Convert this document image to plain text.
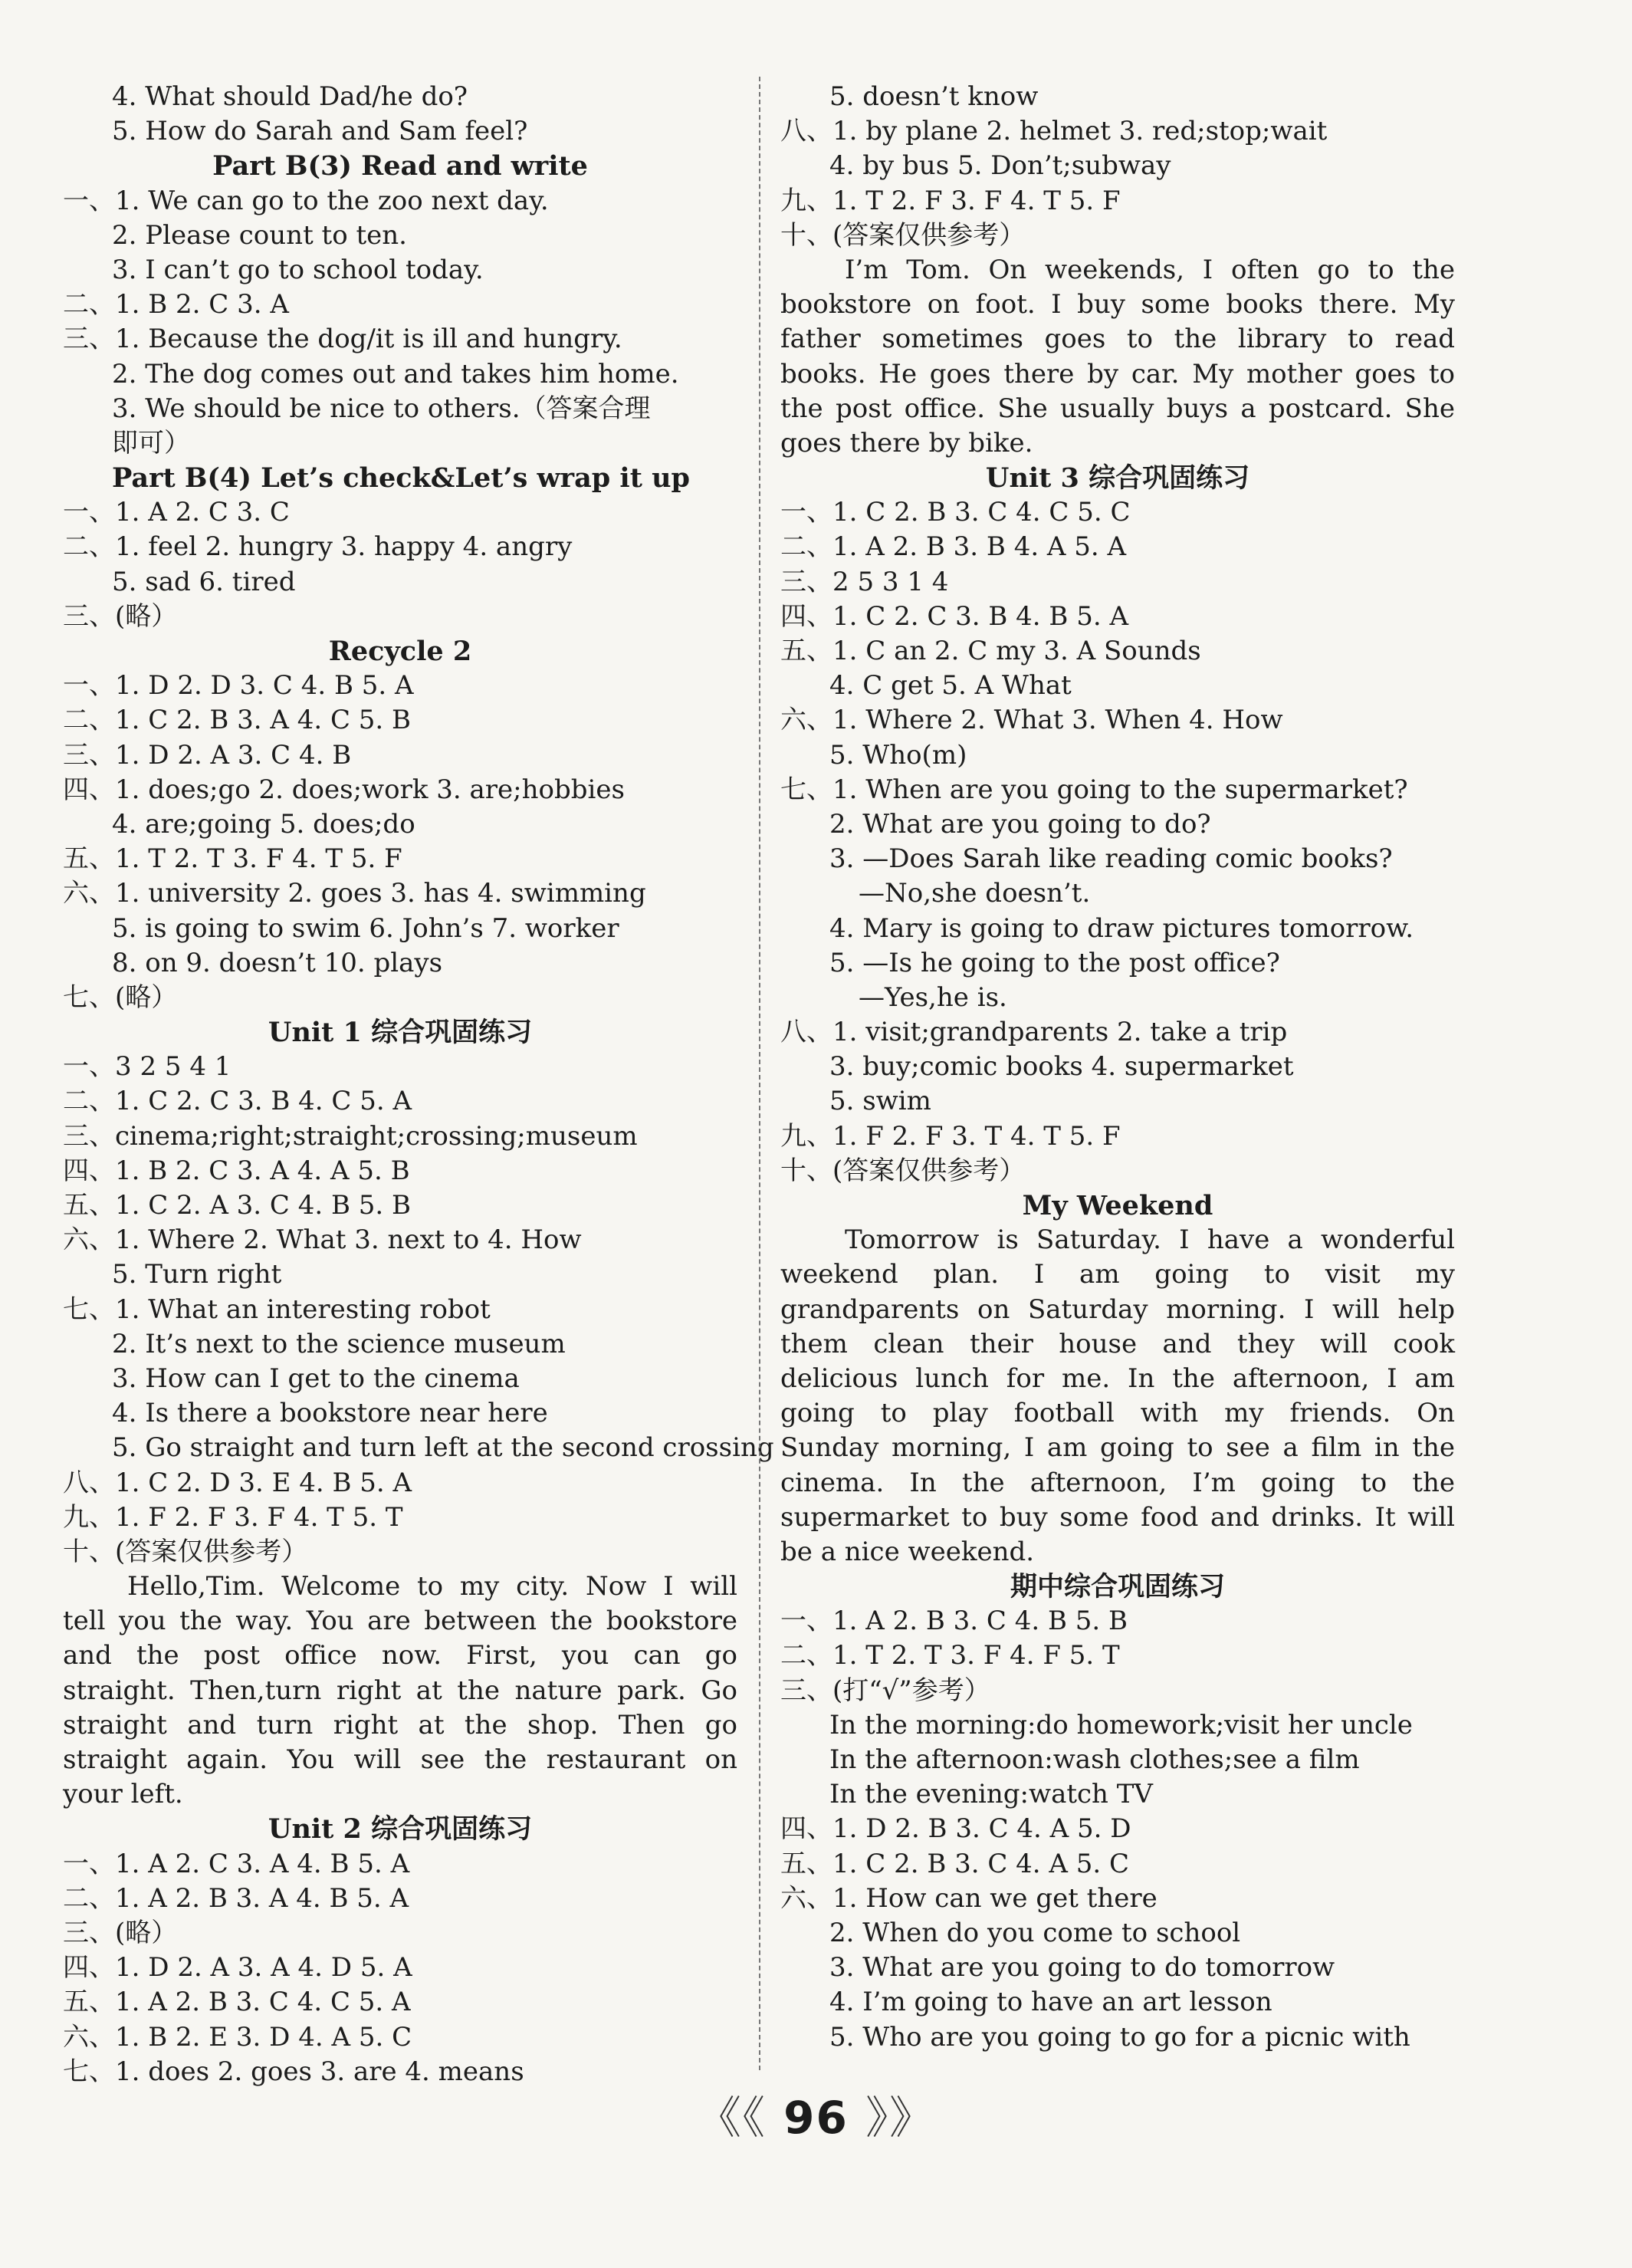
4. What should Dad/he do?
5. How do Sarah and Sam feel?
Part B(3) Read and write
一、1. We can go to the zoo next day.
2. Please count to ten.
3. I can’t go to school today.
二、1. B 2. C 3. A
三、1. Because the dog/it is ill and hungry.
2. The dog comes out and takes him home.
3. We should be nice to others.（答案合理
即可）
Part B(4) Let’s check&Let’s wrap it up
一、1. A 2. C 3. C
二、1. feel 2. hungry 3. happy 4. angry
5. sad 6. tired
三、(略）
Recycle 2
一、1. D 2. D 3. C 4. B 5. A
二、1. C 2. B 3. A 4. C 5. B
三、1. D 2. A 3. C 4. B
四、1. does;go 2. does;work 3. are;hobbies
4. are;going 5. does;do
五、1. T 2. T 3. F 4. T 5. F
六、1. university 2. goes 3. has 4. swimming
5. is going to swim 6. John’s 7. worker
8. on 9. doesn’t 10. plays
七、(略）
Unit 1 综合巩固练习
一、3 2 5 4 1
二、1. C 2. C 3. B 4. C 5. A
三、cinema;right;straight;crossing;museum
四、1. B 2. C 3. A 4. A 5. B
五、1. C 2. A 3. C 4. B 5. B
六、1. Where 2. What 3. next to 4. How
5. Turn right
七、1. What an interesting robot
2. It’s next to the science museum
3. How can I get to the cinema
4. Is there a bookstore near here
5. Go straight and turn left at the second crossing
八、1. C 2. D 3. E 4. B 5. A
九、1. F 2. F 3. F 4. T 5. T
十、(答案仅供参考）
Hello,Tim. Welcome to my city. Now I will
tell you the way. You are between the bookstore
and the post office now. First, you can go
straight. Then,turn right at the nature park. Go
straight and turn right at the shop. Then go
straight again. You will see the restaurant on
your left.
Unit 2 综合巩固练习
一、1. A 2. C 3. A 4. B 5. A
二、1. A 2. B 3. A 4. B 5. A
三、(略）
四、1. D 2. A 3. A 4. D 5. A
五、1. A 2. B 3. C 4. C 5. A
六、1. B 2. E 3. D 4. A 5. C
七、1. does 2. goes 3. are 4. means
5. doesn’t know
八、1. by plane 2. helmet 3. red;stop;wait
4. by bus 5. Don’t;subway
九、1. T 2. F 3. F 4. T 5. F
十、(答案仅供参考）
I’m Tom. On weekends, I often go to the
bookstore on foot. I buy some books there. My
father sometimes goes to the library to read
books. He goes there by car. My mother goes to
the post office. She usually buys a postcard. She
goes there by bike.
Unit 3 综合巩固练习
一、1. C 2. B 3. C 4. C 5. C
二、1. A 2. B 3. B 4. A 5. A
三、2 5 3 1 4
四、1. C 2. C 3. B 4. B 5. A
五、1. C an 2. C my 3. A Sounds
4. C get 5. A What
六、1. Where 2. What 3. When 4. How
5. Who(m)
七、1. When are you going to the supermarket?
2. What are you going to do?
3. —Does Sarah like reading comic books?
—No,she doesn’t.
4. Mary is going to draw pictures tomorrow.
5. —Is he going to the post office?
—Yes,he is.
八、1. visit;grandparents 2. take a trip
3. buy;comic books 4. supermarket
5. swim
九、1. F 2. F 3. T 4. T 5. F
十、(答案仅供参考）
My Weekend
Tomorrow is Saturday. I have a wonderful
weekend plan. I am going to visit my
grandparents on Saturday morning. I will help
them clean their house and they will cook
delicious lunch for me. In the afternoon, I am
going to play football with my friends. On
Sunday morning, I am going to see a film in the
cinema. In the afternoon, I’m going to the
supermarket to buy some food and drinks. It will
be a nice weekend.
期中综合巩固练习
一、1. A 2. B 3. C 4. B 5. B
二、1. T 2. T 3. F 4. F 5. T
三、(打“√”参考）
In the morning:do homework;visit her uncle
In the afternoon:wash clothes;see a film
In the evening:watch TV
四、1. D 2. B 3. C 4. A 5. D
五、1. C 2. B 3. C 4. A 5. C
六、1. How can we get there
2. When do you come to school
3. What are you going to do tomorrow
4. I’m going to have an art lesson
5. Who are you going to go for a picnic with
《《 96 》》
